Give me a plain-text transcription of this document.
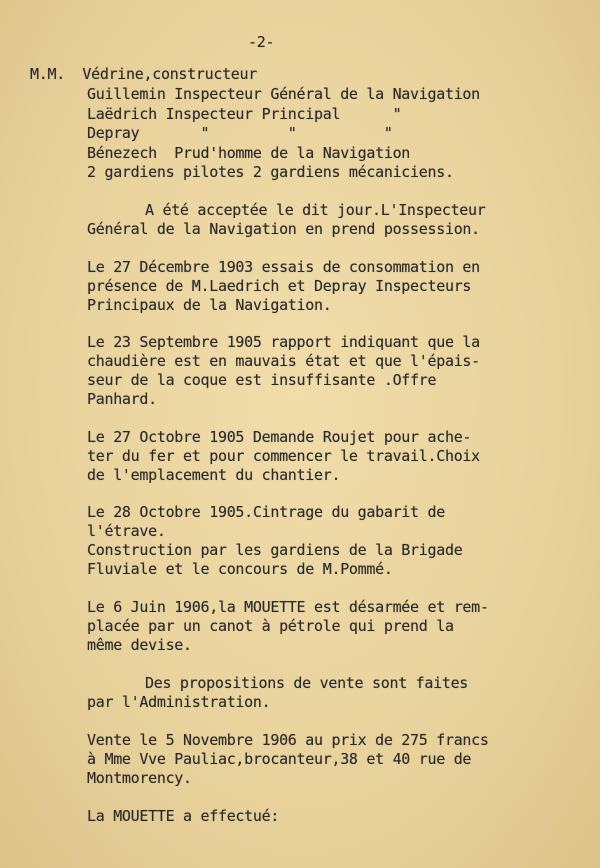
-2-
M.M.  Védrine,constructeur
Guillemin Inspecteur Général de la Navigation
Laëdrich Inspecteur Principal      "
Depray       "         "          "
Bénezech  Prud'homme de la Navigation
2 gardiens pilotes 2 gardiens mécaniciens.
A été acceptée le dit jour.L'Inspecteur
Général de la Navigation en prend possession.
Le 27 Décembre 1903 essais de consommation en
présence de M.Laedrich et Depray Inspecteurs
Principaux de la Navigation.
Le 23 Septembre 1905 rapport indiquant que la
chaudière est en mauvais état et que l'épais-
seur de la coque est insuffisante .Offre
Panhard.
Le 27 Octobre 1905 Demande Roujet pour ache-
ter du fer et pour commencer le travail.Choix
de l'emplacement du chantier.
Le 28 Octobre 1905.Cintrage du gabarit de
l'étrave.
Construction par les gardiens de la Brigade
Fluviale et le concours de M.Pommé.
Le 6 Juin 1906,la MOUETTE est désarmée et rem-
placée par un canot à pétrole qui prend la
même devise.
Des propositions de vente sont faites
par l'Administration.
Vente le 5 Novembre 1906 au prix de 275 francs
à Mme Vve Pauliac,brocanteur,38 et 40 rue de
Montmorency.
La MOUETTE a effectué:
